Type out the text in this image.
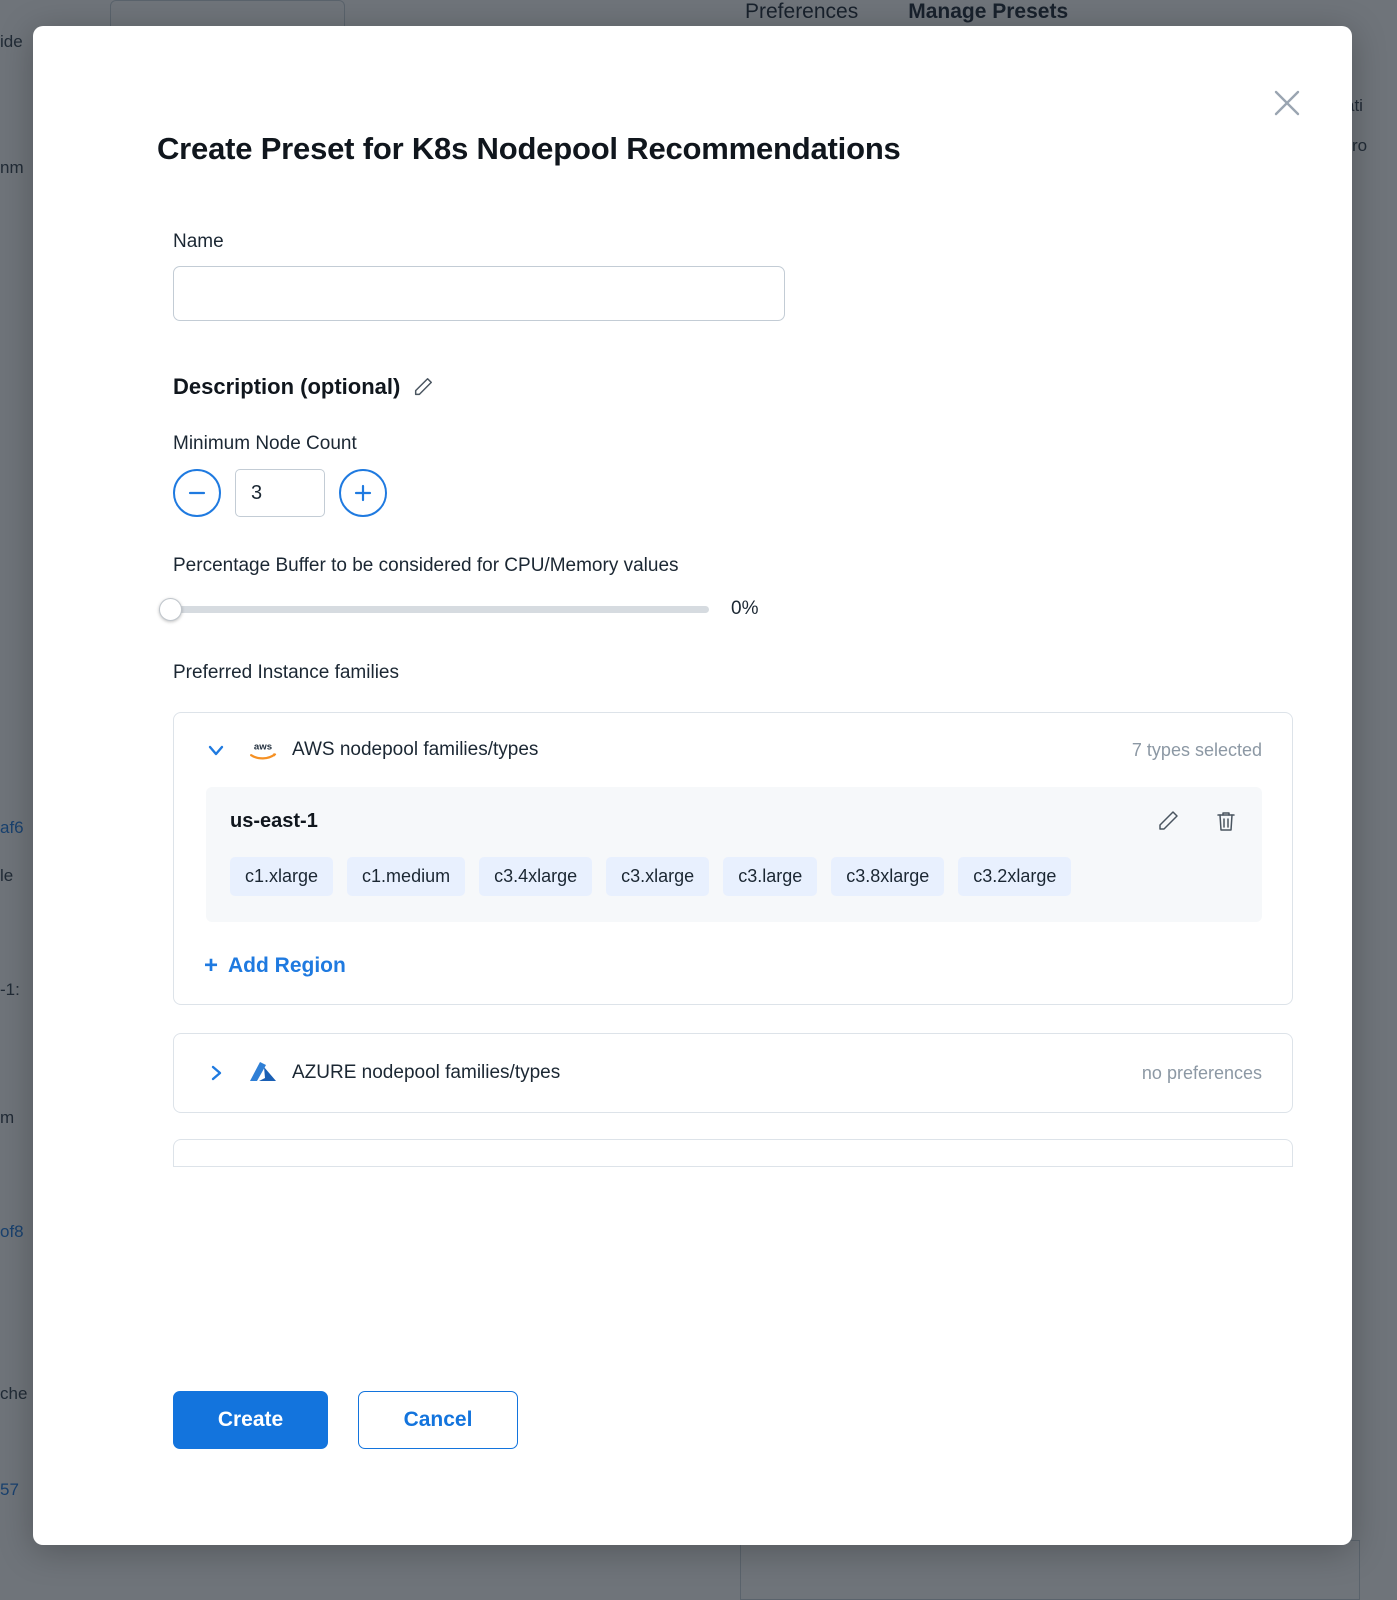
Create Preset for K8s Nodepool Recommendations
Name
Description (optional)
Minimum Node Count
3
Percentage Buffer to be considered for CPU/Memory values
0%
Preferred Instance families
aws AWS nodepool families/types	7 types selected
us-east-1
c1.xlarge	c1.medium	c3.4xlarge	c3.xlarge	c3.large	c3.8xlarge	c3.2xlarge
+ Add Region
AZURE nodepool families/types	no preferences
Create	Cancel
